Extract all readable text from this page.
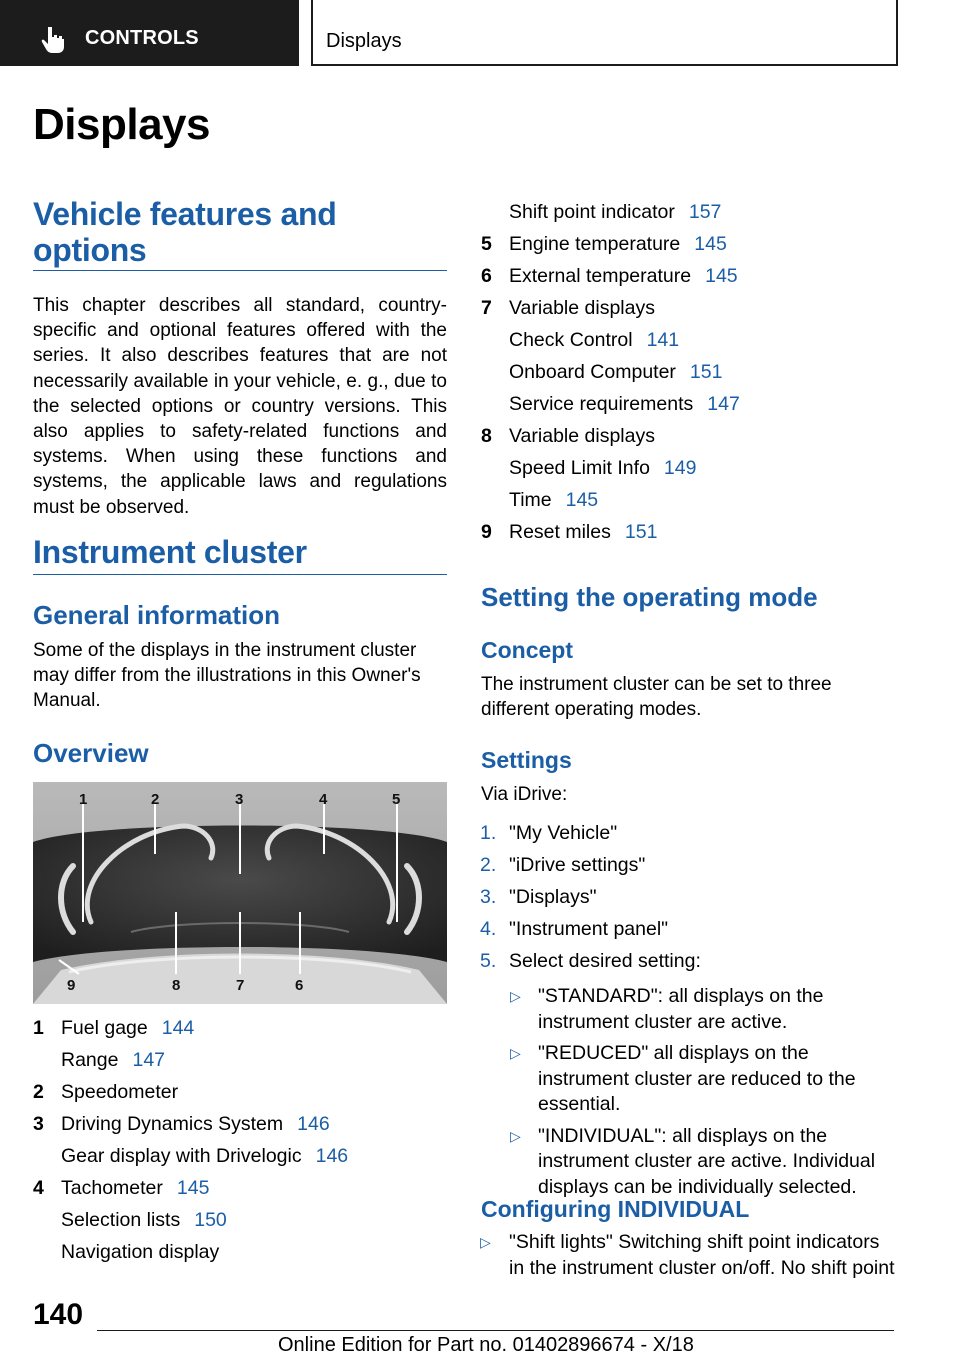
CONTROLS	Displays
Displays
Vehicle features and options
This chapter describes all standard, country-specific and optional features offered with the series. It also describes features that are not necessarily available in your vehicle, e. g., due to the selected options or country versions. This also applies to safety-related functions and systems. When using these functions and systems, the applicable laws and regulations must be observed.
Instrument cluster
General information
Some of the displays in the instrument cluster may differ from the illustrations in this Owner's Manual.
Overview
1	2	3	4	5
9	8	7	6
1 Fuel gage 144
Range 147
2 Speedometer
3 Driving Dynamics System 146
Gear display with Drivelogic 146
4 Tachometer 145
Selection lists 150
Navigation display
Shift point indicator 157
5 Engine temperature 145
6 External temperature 145
7 Variable displays
Check Control 141
Onboard Computer 151
Service requirements 147
8 Variable displays
Speed Limit Info 149
Time 145
9 Reset miles 151
Setting the operating mode
Concept
The instrument cluster can be set to three different operating modes.
Settings
Via iDrive:
1. "My Vehicle"
2. "iDrive settings"
3. "Displays"
4. "Instrument panel"
5. Select desired setting:
▷ "STANDARD": all displays on the instrument cluster are active.
▷ "REDUCED" all displays on the instrument cluster are reduced to the essential.
▷ "INDIVIDUAL": all displays on the instrument cluster are active. Individual displays can be individually selected.
Configuring INDIVIDUAL
▷ "Shift lights" Switching shift point indicators in the instrument cluster on/off. No shift point
140
Online Edition for Part no. 01402896674 - X/18
